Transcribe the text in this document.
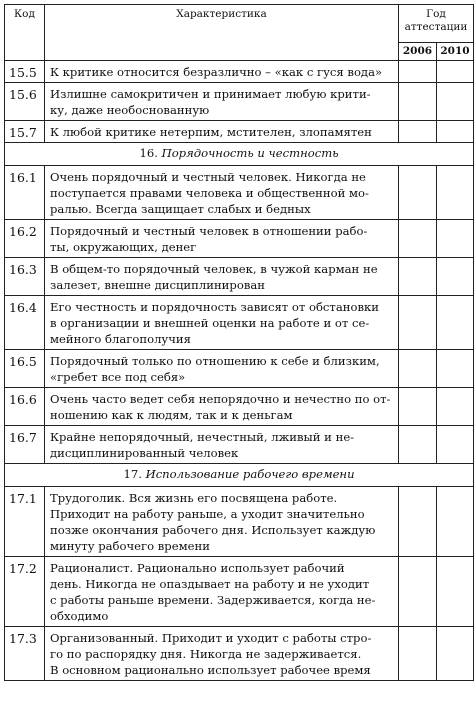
Код	Характеристика	Год аттестации	
		2006	2010
15.5	К критике относится безразлично – «как с гуся вода»		

15.6	Излишне самокритичен и принимает любую крити-
ку, даже необоснованную		

15.7	К любой критике нетерпим, мстителен, злопамятен		

16. Порядочность и честность			
16.1	Очень порядочный и честный человек. Никогда не
поступается правами человека и общественной мо-
ралью. Всегда защищает слабых и бедных		

16.2	Порядочный и честный человек в отношении рабо-
ты, окружающих, денег		

16.3	В общем-то порядочный человек, в чужой карман не
залезет, внешне дисциплинирован		

16.4	Его честность и порядочность зависят от обстановки
в организации и внешней оценки на работе и от се-
мейного благополучия		

16.5	Порядочный только по отношению к себе и близким,
«гребет все под себя»		

16.6	Очень часто ведет себя непорядочно и нечестно по от-
ношению как к людям, так и к деньгам		

16.7	Крайне непорядочный, нечестный, лживый и не-
дисциплинированный человек		

17. Использование рабочего времени			
17.1	Трудоголик. Вся жизнь его посвящена работе.
Приходит на работу раньше, а уходит значительно
позже окончания рабочего дня. Использует каждую
минуту рабочего времени		

17.2	Рационалист. Рационально использует рабочий
день. Никогда не опаздывает на работу и не уходит
с работы раньше времени. Задерживается, когда не-
обходимо		

17.3	Организованный. Приходит и уходит с работы стро-
го по распорядку дня. Никогда не задерживается.
В основном рационально использует рабочее время		
